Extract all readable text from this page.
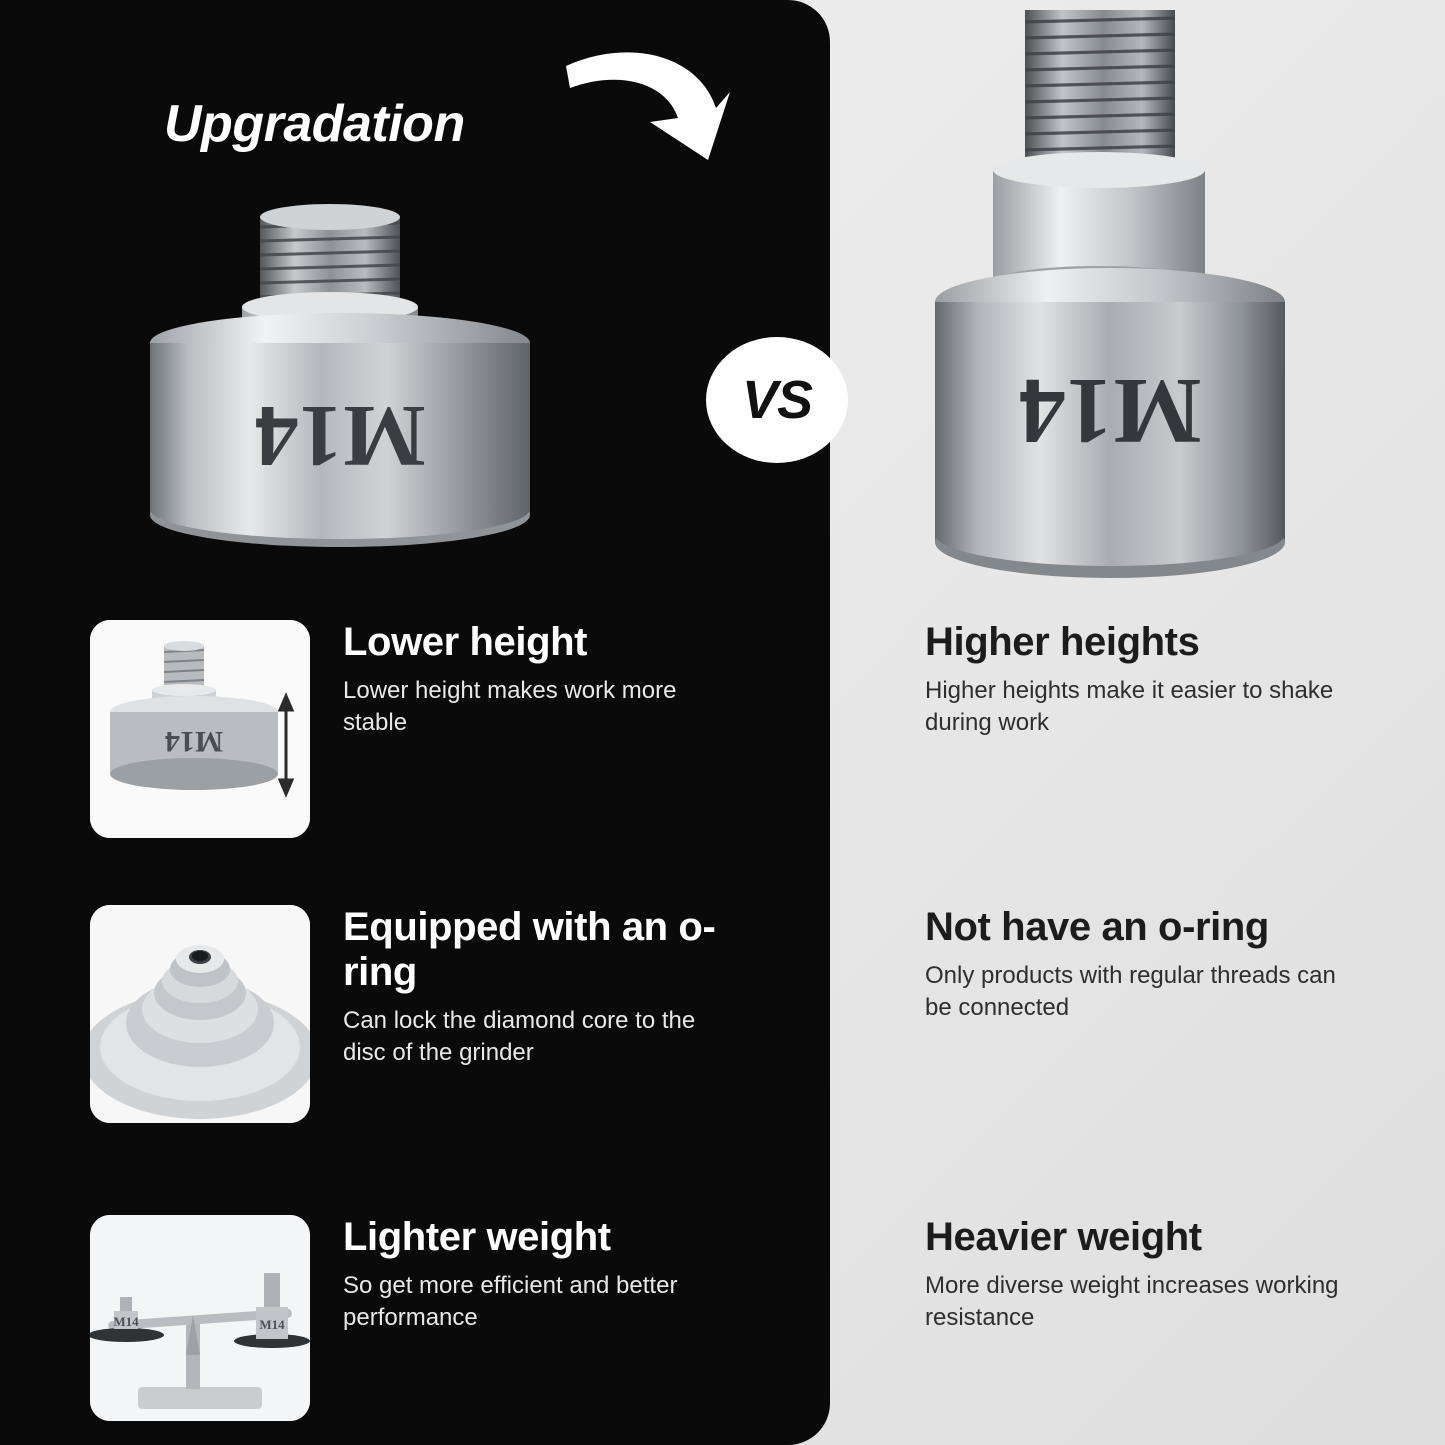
Upgradation
M14	M14
VS
M14
Lower height
Lower height makes work more stable
Higher heights
Higher heights make it easier to shake during work
Equipped with an o-ring
Can lock the diamond core to the disc of the grinder
Not have an o-ring
Only products with regular threads can be connected
M14	M14
Lighter weight
So get more efficient and better performance
Heavier weight
More diverse weight increases working resistance
